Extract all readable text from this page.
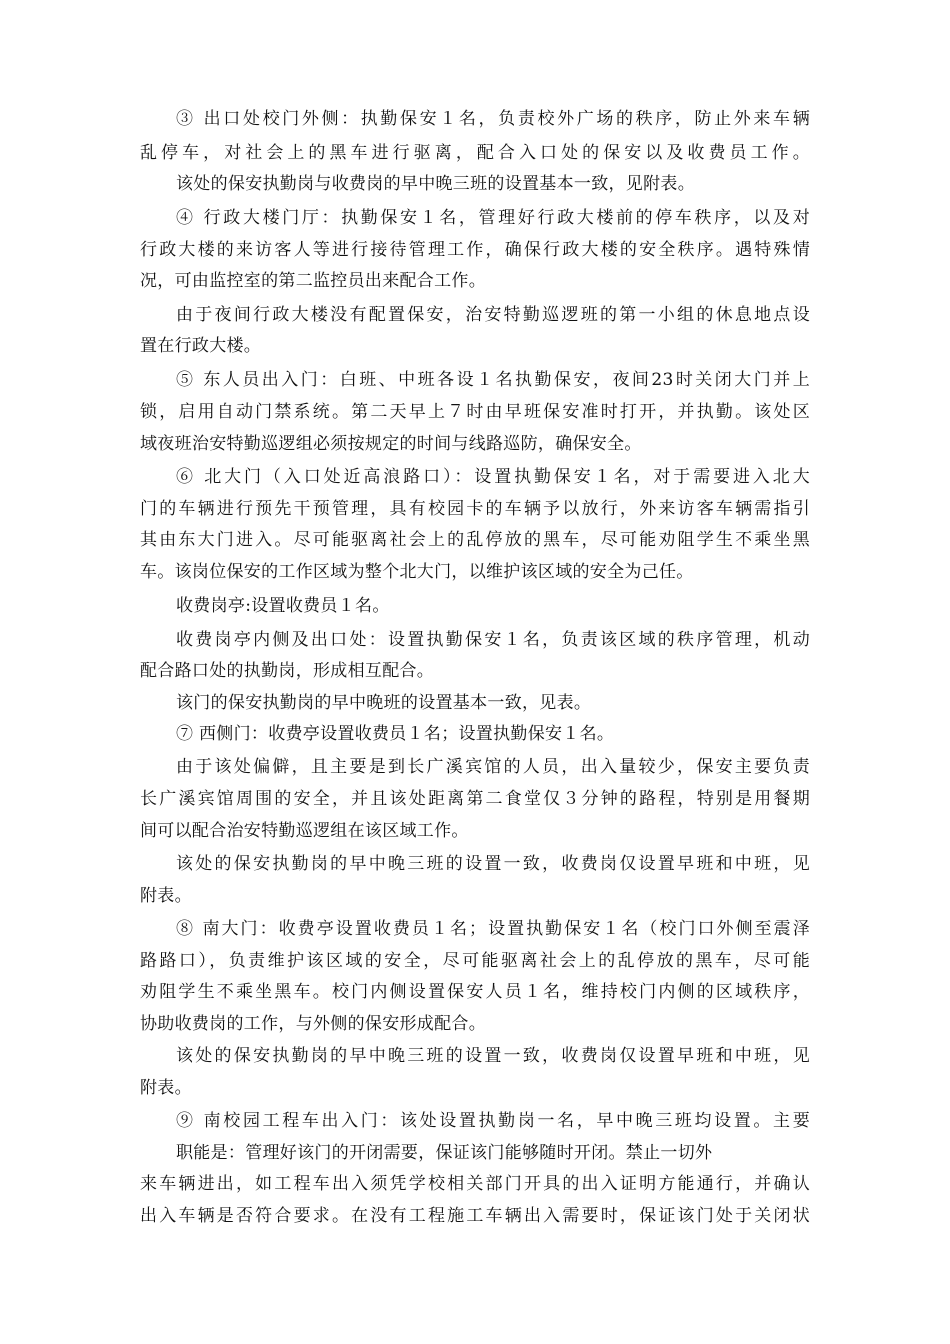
③ 出口处校门外侧：执勤保安１名，负责校外广场的秩序，防止外来车辆
乱停车，对社会上的黑车进行驱离，配合入口处的保安以及收费员工作。
该处的保安执勤岗与收费岗的早中晚三班的设置基本一致，见附表。
④ 行政大楼门厅：执勤保安１名，管理好行政大楼前的停车秩序，以及对
行政大楼的来访客人等进行接待管理工作，确保行政大楼的安全秩序。遇特殊情
况，可由监控室的第二监控员出来配合工作。
由于夜间行政大楼没有配置保安，治安特勤巡逻班的第一小组的休息地点设
置在行政大楼。
⑤ 东人员出入门：白班、中班各设１名执勤保安，夜间23时关闭大门并上
锁，启用自动门禁系统。第二天早上７时由早班保安准时打开，并执勤。该处区
域夜班治安特勤巡逻组必须按规定的时间与线路巡防，确保安全。
⑥ 北大门（入口处近高浪路口）：设置执勤保安１名，对于需要进入北大
门的车辆进行预先干预管理，具有校园卡的车辆予以放行，外来访客车辆需指引
其由东大门进入。尽可能驱离社会上的乱停放的黑车，尽可能劝阻学生不乘坐黑
车。该岗位保安的工作区域为整个北大门，以维护该区域的安全为己任。
收费岗亭:设置收费员１名。
收费岗亭内侧及出口处：设置执勤保安１名，负责该区域的秩序管理，机动
配合路口处的执勤岗，形成相互配合。
该门的保安执勤岗的早中晚班的设置基本一致，见表。
⑦ 西侧门：收费亭设置收费员１名；设置执勤保安１名。
由于该处偏僻，且主要是到长广溪宾馆的人员，出入量较少，保安主要负责
长广溪宾馆周围的安全，并且该处距离第二食堂仅３分钟的路程，特别是用餐期
间可以配合治安特勤巡逻组在该区域工作。
该处的保安执勤岗的早中晚三班的设置一致，收费岗仅设置早班和中班，见
附表。
⑧ 南大门：收费亭设置收费员１名；设置执勤保安１名（校门口外侧至震泽
路路口），负责维护该区域的安全，尽可能驱离社会上的乱停放的黑车，尽可能
劝阻学生不乘坐黑车。校门内侧设置保安人员１名，维持校门内侧的区域秩序，
协助收费岗的工作，与外侧的保安形成配合。
该处的保安执勤岗的早中晚三班的设置一致，收费岗仅设置早班和中班，见
附表。
⑨ 南校园工程车出入门：该处设置执勤岗一名，早中晚三班均设置。主要
职能是：管理好该门的开闭需要，保证该门能够随时开闭。禁止一切外
来车辆进出，如工程车出入须凭学校相关部门开具的出入证明方能通行，并确认
出入车辆是否符合要求。在没有工程施工车辆出入需要时，保证该门处于关闭状
